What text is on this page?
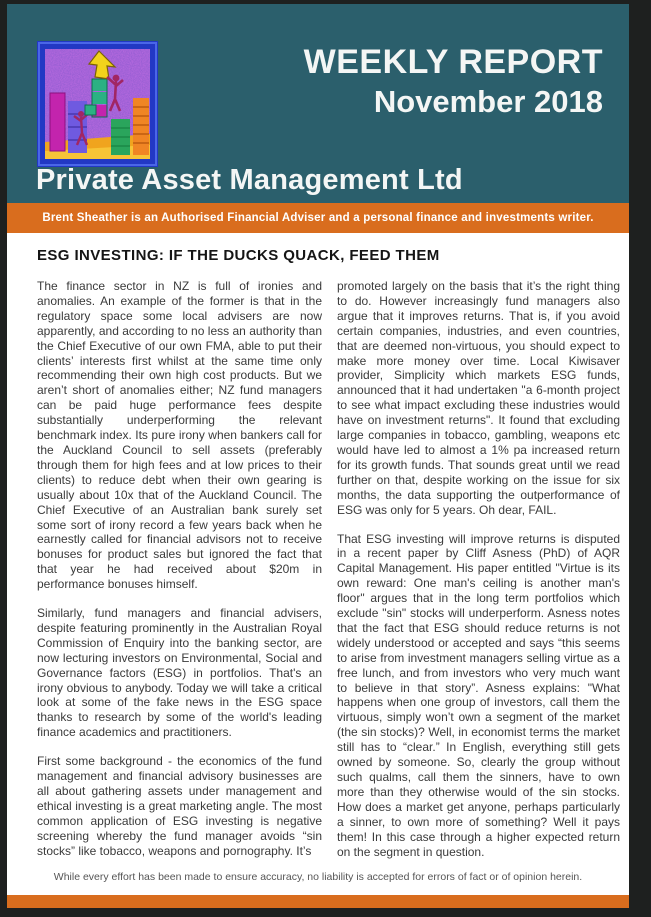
WEEKLY REPORT
November 2018
Private Asset Management Ltd
Brent Sheather is an Authorised Financial Adviser and a personal finance and investments writer.
ESG INVESTING: IF THE DUCKS QUACK, FEED THEM

The finance sector in NZ is full of ironies and anomalies. An example of the former is that in the regulatory space some local advisers are now apparently, and according to no less an authority than the Chief Executive of our own FMA, able to put their clients’ interests first whilst at the same time only recommending their own high cost products. But we aren’t short of anomalies either; NZ fund managers can be paid huge performance fees despite substantially underperforming the relevant benchmark index. Its pure irony when bankers call for the Auckland Council to sell assets (preferably through them for high fees and at low prices to their clients) to reduce debt when their own gearing is usually about 10x that of the Auckland Council. The Chief Executive of an Australian bank surely set some sort of irony record a few years back when he earnestly called for financial advisors not to receive bonuses for product sales but ignored the fact that that year he had received about $20m in performance bonuses himself.

Similarly, fund managers and financial advisers, despite featuring prominently in the Australian Royal Commission of Enquiry into the banking sector, are now lecturing investors on Environmental, Social and Governance factors (ESG) in portfolios. That's an irony obvious to anybody. Today we will take a critical look at some of the fake news in the ESG space thanks to research by some of the world's leading finance academics and practitioners.

First some background - the economics of the fund management and financial advisory businesses are all about gathering assets under management and ethical investing is a great marketing angle. The most common application of ESG investing is negative screening whereby the fund manager avoids “sin stocks” like tobacco, weapons and pornography. It’s

promoted largely on the basis that it’s the right thing to do. However increasingly fund managers also argue that it improves returns. That is, if you avoid certain companies, industries, and even countries, that are deemed non-virtuous, you should expect to make more money over time. Local Kiwisaver provider, Simplicity which markets ESG funds, announced that it had undertaken "a 6-month project to see what impact excluding these industries would have on investment returns". It found that excluding large companies in tobacco, gambling, weapons etc would have led to almost a 1% pa increased return for its growth funds. That sounds great until we read further on that, despite working on the issue for six months, the data supporting the outperformance of ESG was only for 5 years. Oh dear, FAIL.

That ESG investing will improve returns is disputed in a recent paper by Cliff Asness (PhD) of AQR Capital Management. His paper entitled "Virtue is its own reward: One man's ceiling is another man's floor" argues that in the long term portfolios which exclude "sin" stocks will underperform. Asness notes that the fact that ESG should reduce returns is not widely understood or accepted and says “this seems to arise from investment managers selling virtue as a free lunch, and from investors who very much want to believe in that story”. Asness explains: "What happens when one group of investors, call them the virtuous, simply won’t own a segment of the market (the sin stocks)? Well, in economist terms the market still has to “clear.” In English, everything still gets owned by someone. So, clearly the group without such qualms, call them the sinners, have to own more than they otherwise would of the sin stocks. How does a market get anyone, perhaps particularly a sinner, to own more of something? Well it pays them! In this case through a higher expected return on the segment in question.

While every effort has been made to ensure accuracy, no liability is accepted for errors of fact or of opinion herein.
